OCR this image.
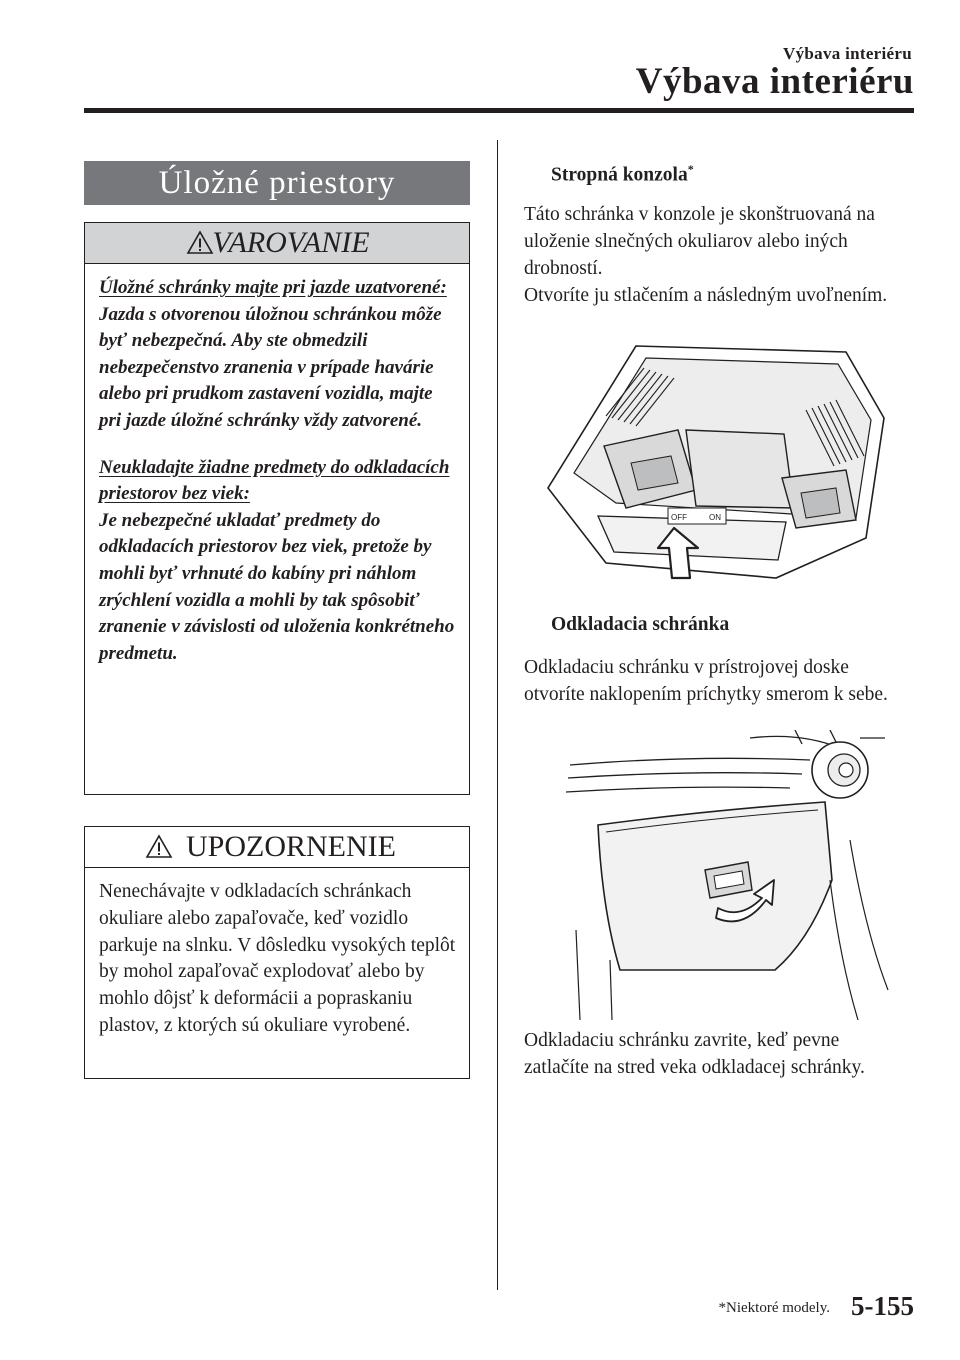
Výbava interiéru
Výbava interiéru
Úložné priestory
VAROVANIE

Úložné schránky majte pri jazde uzatvorené:

Jazda s otvorenou úložnou schránkou môže byť nebezpečná. Aby ste obmedzili nebezpečenstvo zranenia v prípade havárie alebo pri prudkom zastavení vozidla, majte pri jazde úložné schránky vždy zatvorené.

Neukladajte žiadne predmety do odkladacích priestorov bez viek:

Je nebezpečné ukladať predmety do odkladacích priestorov bez viek, pretože by mohli byť vrhnuté do kabíny pri náhlom zrýchlení vozidla a mohli by tak spôsobiť zranenie v závislosti od uloženia konkrétneho predmetu.

UPOZORNENIE
Nenechávajte v odkladacích schránkach okuliare alebo zapaľovače, keď vozidlo parkuje na slnku. V dôsledku vysokých teplôt by mohol zapaľovač explodovať alebo by mohlo dôjsť k deformácii a popraskaniu plastov, z ktorých sú okuliare vyrobené.
Stropná konzola*
Táto schránka v konzole je skonštruovaná na uloženie slnečných okuliarov alebo iných drobností.
Otvoríte ju stlačením a následným uvoľnením.
OFF	ON
Odkladacia schránka
Odkladaciu schránku v prístrojovej doske otvoríte naklopením príchytky smerom k sebe.
Odkladaciu schránku zavrite, keď pevne zatlačíte na stred veka odkladacej schránky.
*Niektoré modely. 5-155
